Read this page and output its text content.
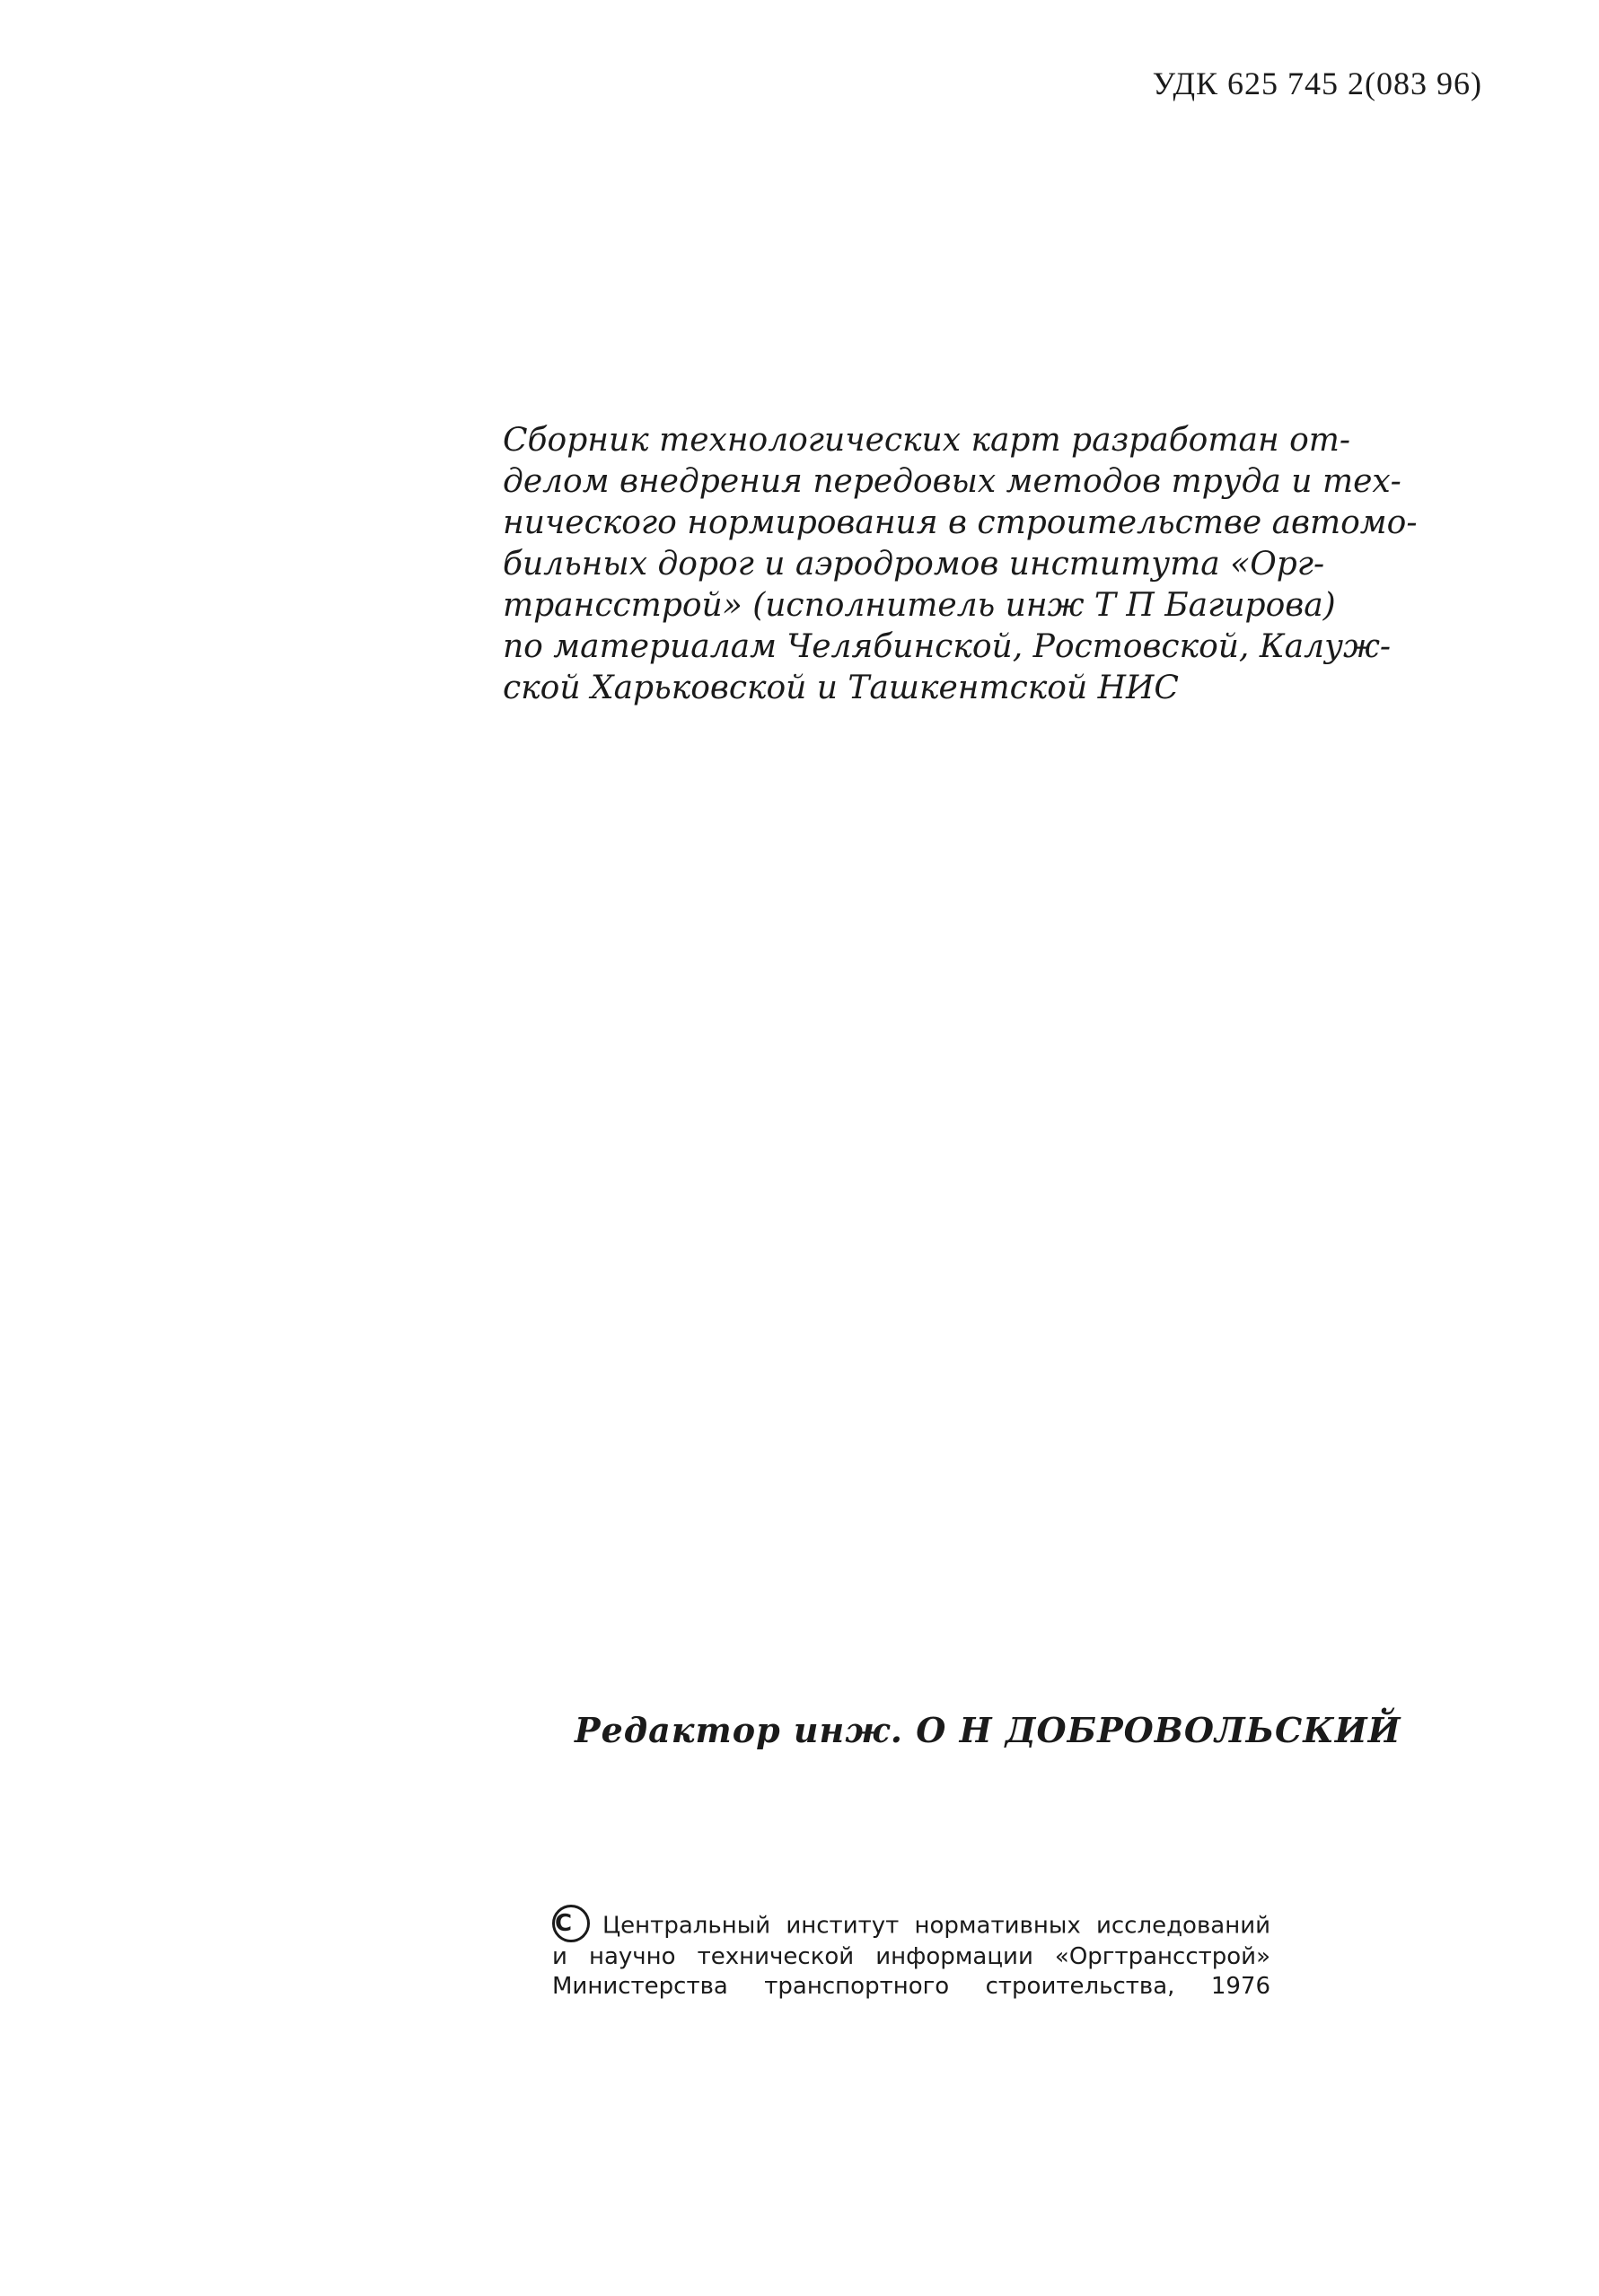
УДК 625 745 2(083 96)
Сборник технологических карт разработан от-
делом внедрения передовых методов труда и тех-
нического нормирования в строительстве автомо-
бильных дорог и аэродромов института «Орг-
трансстрой» (исполнитель инж Т П Багирова)
по материалам Челябинской, Ростовской, Калуж-
ской Харьковской и Ташкентской НИС
Редактор инж. О Н ДОБРОВОЛЬСКИЙ
C Центральный институт нормативных исследований
и научно технической информации «Оргтрансстрой»
Министерства транспортного строительства, 1976
